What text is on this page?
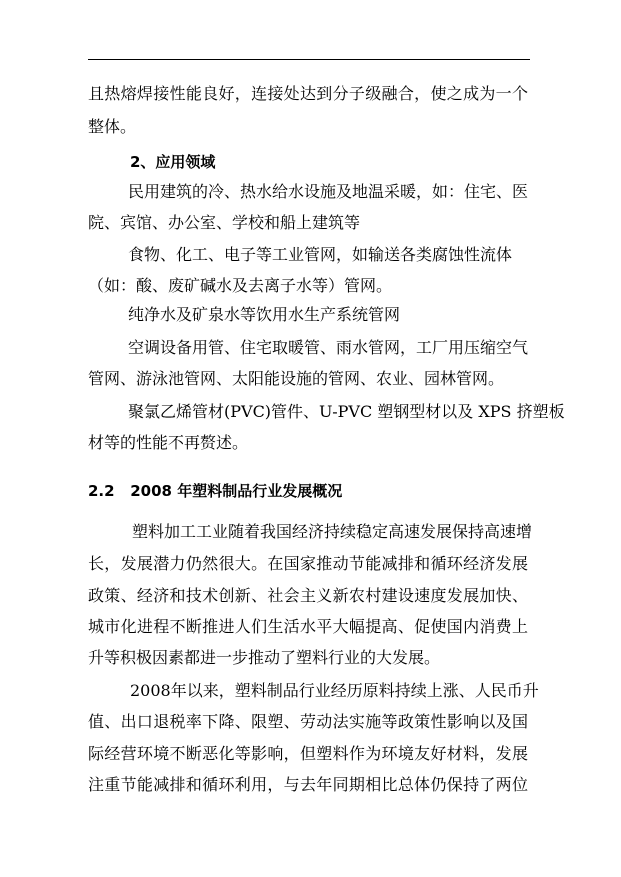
且热熔焊接性能良好，连接处达到分子级融合，使之成为一个
整体。
2、应用领域
民用建筑的冷、热水给水设施及地温采暖，如：住宅、医
院、宾馆、办公室、学校和船上建筑等
食物、化工、电子等工业管网，如输送各类腐蚀性流体
（如：酸、废矿碱水及去离子水等）管网。
纯净水及矿泉水等饮用水生产系统管网
空调设备用管、住宅取暖管、雨水管网，工厂用压缩空气
管网、游泳池管网、太阳能设施的管网、农业、园林管网。
聚氯乙烯管材(PVC)管件、U-PVC 塑钢型材以及 XPS 挤塑板
材等的性能不再赘述。
2.2   2008 年塑料制品行业发展概况
塑料加工工业随着我国经济持续稳定高速发展保持高速增
长，发展潜力仍然很大。在国家推动节能减排和循环经济发展
政策、经济和技术创新、社会主义新农村建设速度发展加快、
城市化进程不断推进人们生活水平大幅提高、促使国内消费上
升等积极因素都进一步推动了塑料行业的大发展。
2008年以来，塑料制品行业经历原料持续上涨、人民币升
值、出口退税率下降、限塑、劳动法实施等政策性影响以及国
际经营环境不断恶化等影响，但塑料作为环境友好材料，发展
注重节能减排和循环利用，与去年同期相比总体仍保持了两位
